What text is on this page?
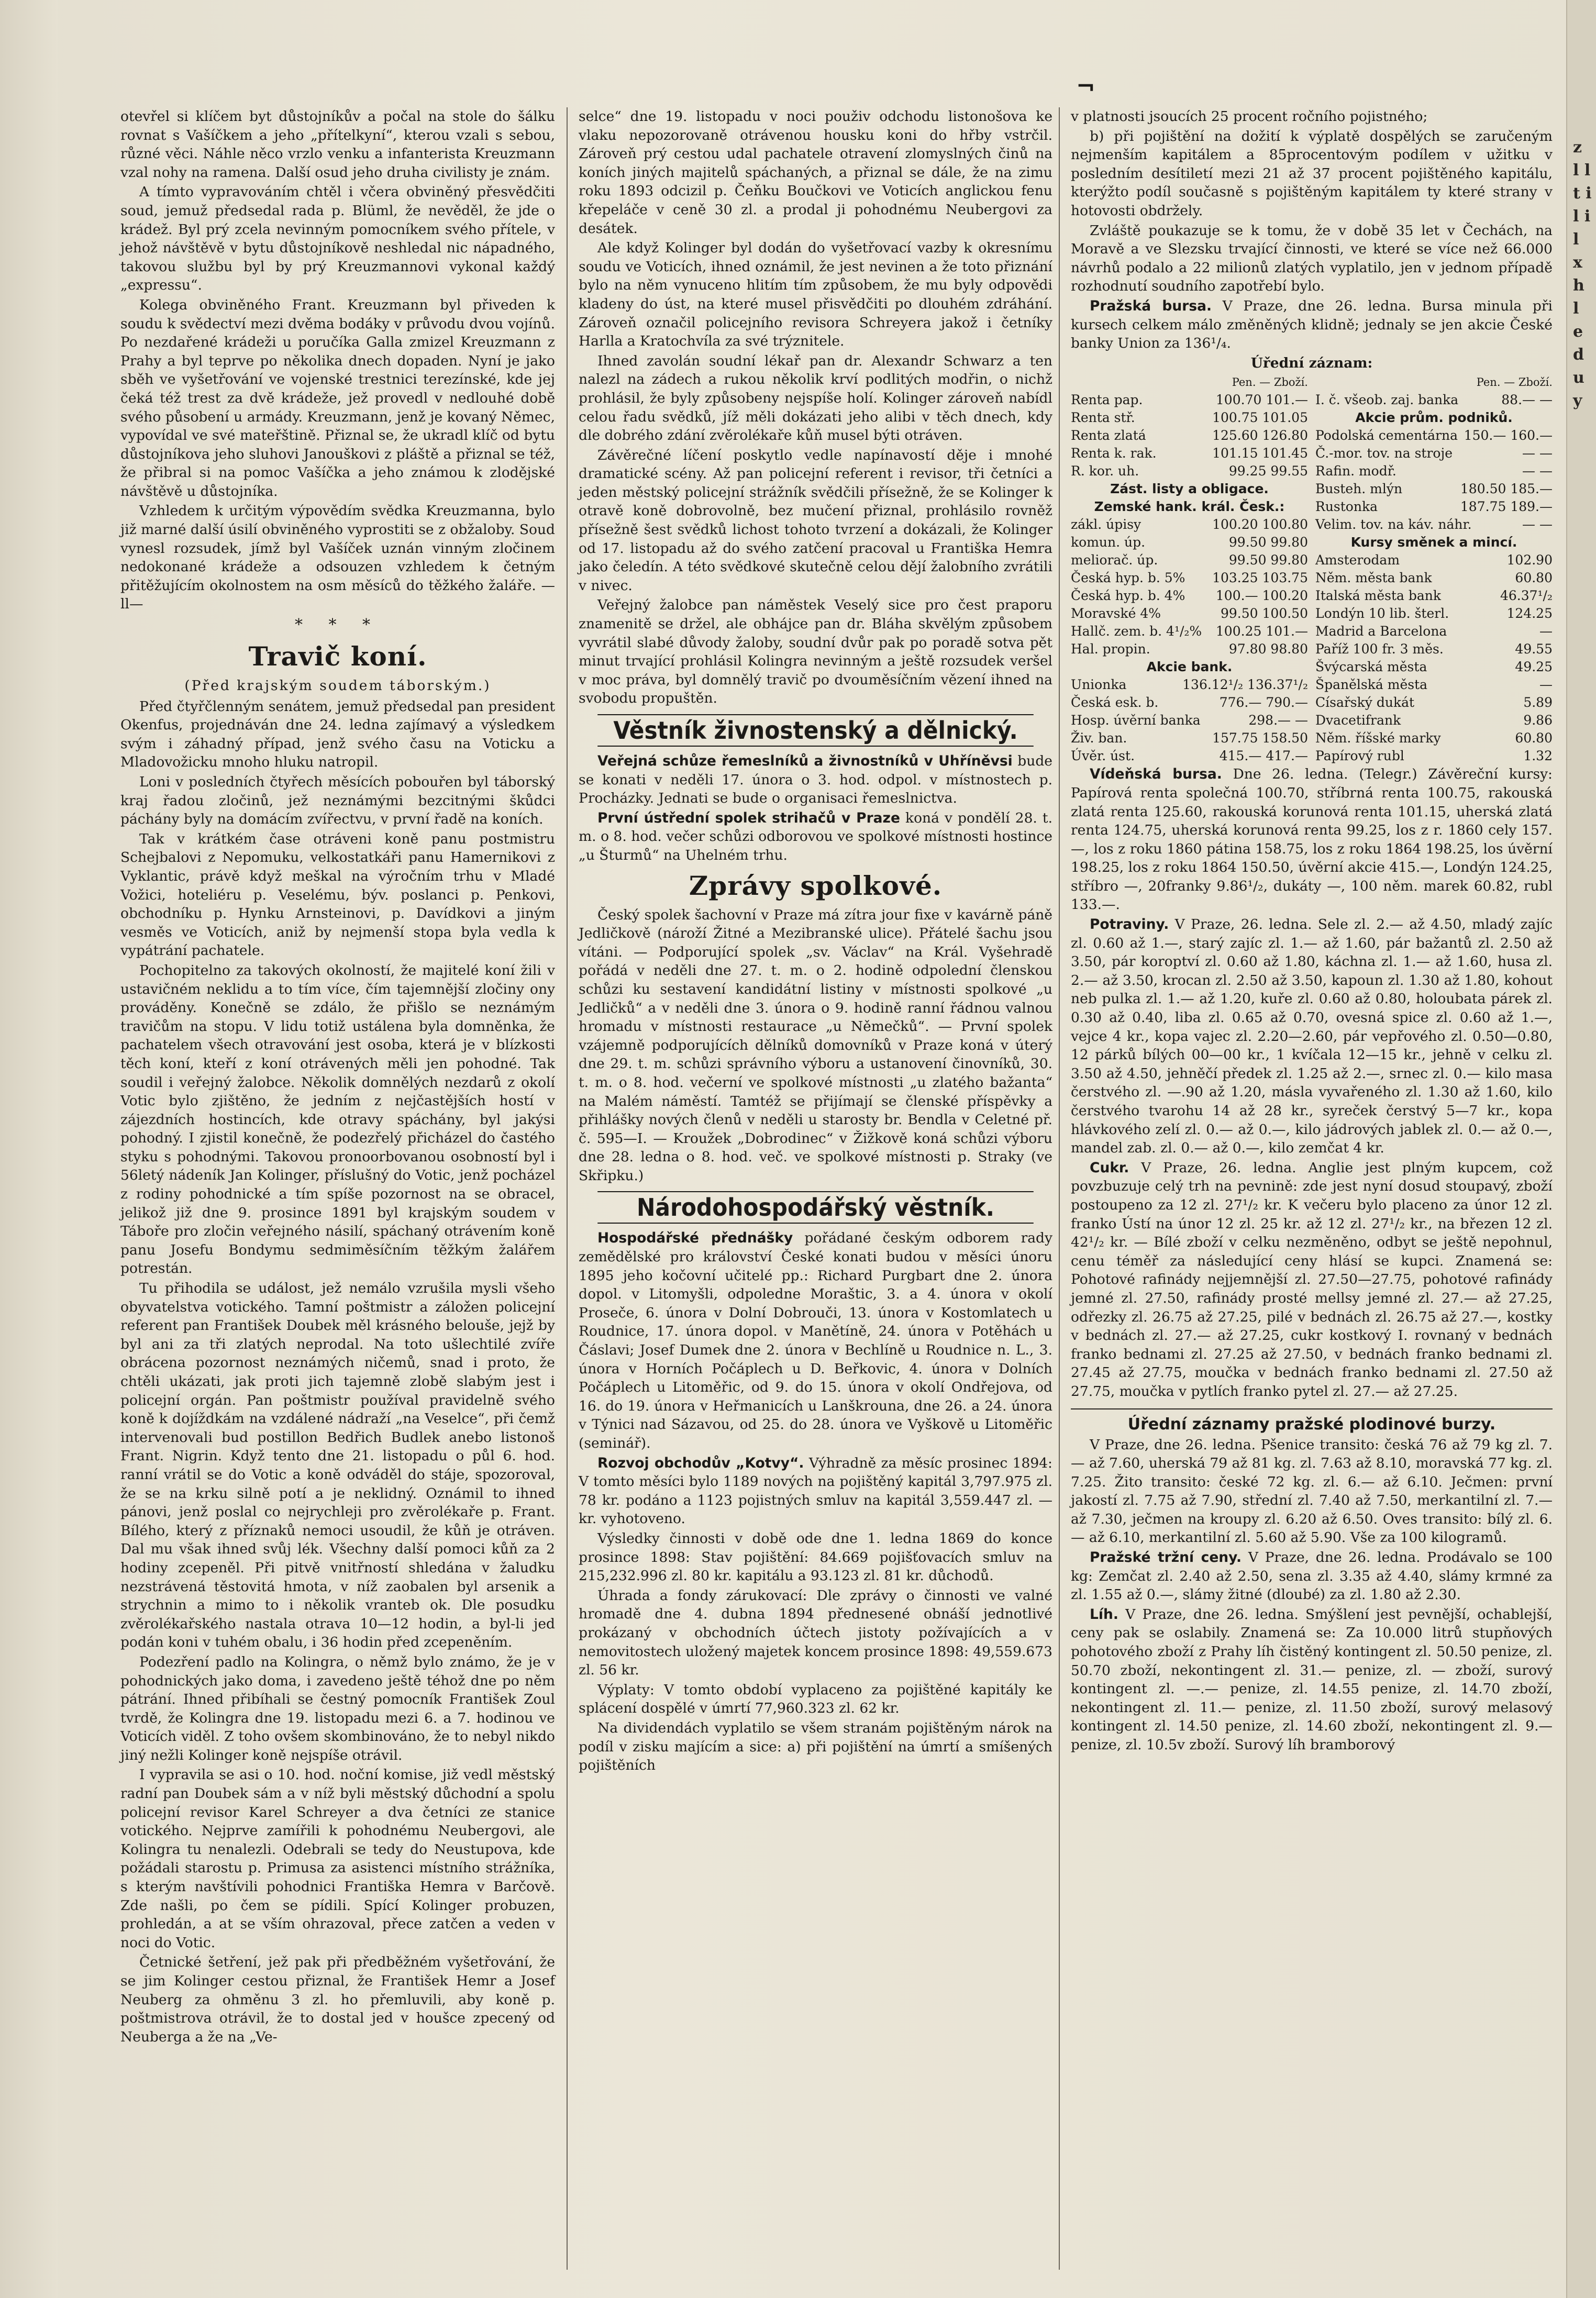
z l l t i l i l x h l e d u y
¬

otevřel si klíčem byt důstojníkův a počal na stole do šálku rovnat s Vašíčkem a jeho „přítelkyní“, kterou vzali s sebou, různé věci. Náhle něco vrzlo venku a infanterista Kreuzmann vzal nohy na ramena. Další osud jeho druha civilisty je znám.

A tímto vypravováním chtěl i včera obviněný přesvědčiti soud, jemuž předsedal rada p. Blüml, že nevěděl, že jde o krádež. Byl prý zcela nevinným pomocníkem svého přítele, v jehož návštěvě v bytu důstojníkově neshledal nic nápadného, takovou službu byl by prý Kreuzmannovi vykonal každý „expressu“.

Kolega obviněného Frant. Kreuzmann byl přiveden k soudu k svědectví mezi dvěma bodáky v průvodu dvou vojínů. Po nezdařené krádeži u poručíka Galla zmizel Kreuzmann z Prahy a byl teprve po několika dnech dopaden. Nyní je jako sběh ve vyšetřování ve vojenské trestnici terezínské, kde jej čeká též trest za dvě krádeže, jež provedl v nedlouhé době svého působení u armády. Kreuzmann, jenž je kovaný Němec, vypovídal ve své mateřštině. Přiznal se, že ukradl klíč od bytu důstojníkova jeho sluhovi Janouškovi z pláště a přiznal se též, že přibral si na pomoc Vašíčka a jeho známou k zlodějské návštěvě u důstojníka.

Vzhledem k určitým výpovědím svědka Kreuzmanna, bylo již marné další úsilí obviněného vyprostiti se z obžaloby. Soud vynesl rozsudek, jímž byl Vašíček uznán vinným zločinem nedokonané krádeže a odsouzen vzhledem k četným přitěžujícím okolnostem na osm měsíců do těžkého žaláře. —ll—

* * *

Travič koní.

(Před krajským soudem táborským.)

Před čtyřčlenným senátem, jemuž předsedal pan president Okenfus, projednáván dne 24. ledna zajímavý a výsledkem svým i záhadný případ, jenž svého času na Voticku a Mladovožicku mnoho hluku natropil.

Loni v posledních čtyřech měsících pobouřen byl táborský kraj řadou zločinů, jež neznámými bezcitnými škůdci páchány byly na domácím zvířectvu, v první řadě na koních.

Tak v krátkém čase otráveni koně panu postmistru Schejbalovi z Nepomuku, velkostatkáři panu Hamernikovi z Vyklantic, právě když meškal na výročním trhu v Mladé Vožici, hoteliéru p. Veselému, býv. poslanci p. Penkovi, obchodníku p. Hynku Arnsteinovi, p. Davídkovi a jiným vesměs ve Voticích, aniž by nejmenší stopa byla vedla k vypátrání pachatele.

Pochopitelno za takových okolností, že majitelé koní žili v ustavičném neklidu a to tím více, čím tajemnější zločiny ony prováděny. Konečně se zdálo, že přišlo se neznámým travičům na stopu. V lidu totiž ustálena byla domněnka, že pachatelem všech otravování jest osoba, která je v blízkosti těch koní, kteří z koní otrávených měli jen pohodné. Tak soudil i veřejný žalobce. Několik domnělých nezdarů z okolí Votic bylo zjištěno, že jedním z nejčastějších hostí v zájezdních hostincích, kde otravy spáchány, byl jakýsi pohodný. I zjistil konečně, že podezřelý přicházel do častého styku s pohodnými. Takovou pronoorbovanou osobností byl i 56letý nádeník Jan Kolinger, příslušný do Votic, jenž pocházel z rodiny pohodnické a tím spíše pozornost na se obracel, jelikož již dne 9. prosince 1891 byl krajským soudem v Táboře pro zločin veřejného násilí, spáchaný otrávením koně panu Josefu Bondymu sedmiměsíčním těžkým žalářem potrestán.

Tu přihodila se událost, jež nemálo vzrušila mysli všeho obyvatelstva votického. Tamní poštmistr a záložen policejní referent pan František Doubek měl krásného belouše, jejž by byl ani za tři zlatých neprodal. Na toto ušlechtilé zvíře obrácena pozornost neznámých ničemů, snad i proto, že chtěli ukázati, jak proti jich tajemně zlobě slabým jest i policejní orgán. Pan poštmistr používal pravidelně svého koně k dojíždkám na vzdálené nádraží „na Veselce“, při čemž intervenovali bud postillon Bedřich Budlek anebo listonoš Frant. Nigrin. Když tento dne 21. listopadu o půl 6. hod. ranní vrátil se do Votic a koně odváděl do stáje, spozoroval, že se na krku silně potí a je neklidný. Oznámil to ihned pánovi, jenž poslal co nejrychleji pro zvěrolékaře p. Frant. Bílého, který z příznaků nemoci usoudil, že kůň je otráven. Dal mu však ihned svůj lék. Všechny další pomoci kůň za 2 hodiny zcepeněl. Při pitvě vnitřností shledána v žaludku nezstrávená těstovitá hmota, v níž zaobalen byl arsenik a strychnin a mimo to i několik vranteb ok. Dle posudku zvěrolékařského nastala otrava 10—12 hodin, a byl-li jed podán koni v tuhém obalu, i 36 hodin před zcepeněním.

Podezření padlo na Kolingra, o němž bylo známo, že je v pohodnických jako doma, i zavedeno ještě téhož dne po něm pátrání. Ihned přibíhali se čestný pomocník František Zoul tvrdě, že Kolingra dne 19. listopadu mezi 6. a 7. hodinou ve Voticích viděl. Z toho ovšem skombinováno, že to nebyl nikdo jiný nežli Kolinger koně nejspíše otrávil.

I vypravila se asi o 10. hod. noční komise, již vedl městský radní pan Doubek sám a v níž byli městský důchodní a spolu policejní revisor Karel Schreyer a dva četníci ze stanice votického. Nejprve zamířili k pohodnému Neubergovi, ale Kolingra tu nenalezli. Odebrali se tedy do Neustupova, kde požádali starostu p. Primusa za asistenci místního strážníka, s kterým navštívili pohodnici Františka Hemra v Barčově. Zde našli, po čem se pídili. Spící Kolinger probuzen, prohledán, a at se vším ohrazoval, přece zatčen a veden v noci do Votic.

Četnické šetření, jež pak při předběžném vyšetřování, že se jim Kolinger cestou přiznal, že František Hemr a Josef Neuberg za ohměnu 3 zl. ho přemluvili, aby koně p. poštmistrova otrávil, že to dostal jed v houšce zpecený od Neuberga a že na „Ve-

selce“ dne 19. listopadu v noci použiv odchodu listonošova ke vlaku nepozorovaně otrávenou housku koni do hřby vstrčil. Zároveň prý cestou udal pachatele otravení zlomyslných činů na koních jiných majitelů spáchaných, a přiznal se dále, že na zimu roku 1893 odcizil p. Čeňku Boučkovi ve Voticích anglickou fenu křepeláče v ceně 30 zl. a prodal ji pohodnému Neubergovi za desátek.

Ale když Kolinger byl dodán do vyšetřovací vazby k okresnímu soudu ve Voticích, ihned oznámil, že jest nevinen a že toto přiznání bylo na něm vynuceno hlitím tím způsobem, že mu byly odpovědi kladeny do úst, na které musel přisvědčiti po dlouhém zdráhání. Zároveň označil policejního revisora Schreyera jakož i četníky Harlla a Kratochvíla za své trýznitele.

Ihned zavolán soudní lékař pan dr. Alexandr Schwarz a ten nalezl na zádech a rukou několik krví podlitých modřin, o nichž prohlásil, že byly způsobeny nejspíše holí. Kolinger zároveň nabídl celou řadu svědků, jíž měli dokázati jeho alibi v těch dnech, kdy dle dobrého zdání zvěrolékaře kůň musel býti otráven.

Závěrečné líčení poskytlo vedle napínavostí děje i mnohé dramatické scény. Až pan policejní referent i revisor, tři četníci a jeden městský policejní strážník svědčili přísežně, že se Kolinger k otravě koně dobrovolně, bez mučení přiznal, prohlásilo rovněž přísežně šest svědků lichost tohoto tvrzení a dokázali, že Kolinger od 17. listopadu až do svého zatčení pracoval u Františka Hemra jako čeledín. A této svědkové skutečně celou dějí žalobního zvrátili v nivec.

Veřejný žalobce pan náměstek Veselý sice pro čest praporu znamenitě se držel, ale obhájce pan dr. Bláha skvělým způsobem vyvrátil slabé důvody žaloby, soudní dvůr pak po poradě sotva pět minut trvající prohlásil Kolingra nevinným a ještě rozsudek veršel v moc práva, byl domnělý travič po dvouměsíčním vězení ihned na svobodu propuštěn.

Věstník živnostenský a dělnický.

Veřejná schůze řemeslníků a živnostníků v Uhříněvsi bude se konati v neděli 17. února o 3. hod. odpol. v místnostech p. Procházky. Jednati se bude o organisaci řemeslnictva.

První ústřední spolek strihačů v Praze koná v pondělí 28. t. m. o 8. hod. večer schůzi odborovou ve spolkové místnosti hostince „u Šturmů“ na Uhelném trhu.

Zprávy spolkové.

Český spolek šachovní v Praze má zítra jour fixe v kavárně páně Jedličkově (nároží Žitné a Mezibranské ulice). Přátelé šachu jsou vítáni. — Podporující spolek „sv. Václav“ na Král. Vyšehradě pořádá v neděli dne 27. t. m. o 2. hodině odpolední členskou schůzi ku sestavení kandidátní listiny v místnosti spolkové „u Jedličků“ a v neděli dne 3. února o 9. hodině ranní řádnou valnou hromadu v místnosti restaurace „u Němečků“. — První spolek vzájemně podporujících dělníků domovníků v Praze koná v úterý dne 29. t. m. schůzi správního výboru a ustanovení činovníků, 30. t. m. o 8. hod. večerní ve spolkové místnosti „u zlatého bažanta“ na Malém náměstí. Tamtéž se přijímají se členské příspěvky a přihlášky nových členů v neděli u starosty br. Bendla v Celetné př. č. 595—I. — Kroužek „Dobrodinec“ v Žižkově koná schůzi výboru dne 28. ledna o 8. hod. več. ve spolkové místnosti p. Straky (ve Skřipku.)

Národohospodářský věstník.

Hospodářské přednášky pořádané českým odborem rady zemědělské pro království České konati budou v měsíci únoru 1895 jeho kočovní učitelé pp.: Richard Purgbart dne 2. února dopol. v Litomyšli, odpoledne Moraštic, 3. a 4. února v okolí Proseče, 6. února v Dolní Dobrouči, 13. února v Kostomlatech u Roudnice, 17. února dopol. v Manětíně, 24. února v Potěhách u Čáslavi; Josef Dumek dne 2. února v Bechlíně u Roudnice n. L., 3. února v Horních Počáplech u D. Beřkovic, 4. února v Dolních Počáplech u Litoměřic, od 9. do 15. února v okolí Ondřejova, od 16. do 19. února v Heřmanicích u Lanškrouna, dne 26. a 24. února v Týnici nad Sázavou, od 25. do 28. února ve Vyškově u Litoměřic (seminář).

Rozvoj obchodův „Kotvy“. Výhradně za měsíc prosinec 1894: V tomto měsíci bylo 1189 nových na pojištěný kapitál 3,797.975 zl. 78 kr. podáno a 1123 pojistných smluv na kapitál 3,559.447 zl. — kr. vyhotoveno.

Výsledky činnosti v době ode dne 1. ledna 1869 do konce prosince 1898: Stav pojištění: 84.669 pojišťovacích smluv na 215,232.996 zl. 80 kr. kapitálu a 93.123 zl. 81 kr. důchodů.

Úhrada a fondy zárukovací: Dle zprávy o činnosti ve valné hromadě dne 4. dubna 1894 přednesené obnáší jednotlivé prokázaný v obchodních účtech jistoty požívajících a v nemovitostech uložený majetek koncem prosince 1898: 49,559.673 zl. 56 kr.

Výplaty: V tomto období vyplaceno za pojištěné kapitály ke splácení dospělé v úmrtí 77,960.323 zl. 62 kr.

Na dividendách vyplatilo se všem stranám pojištěným nárok na podíl v zisku majícím a sice: a) při pojištění na úmrtí a smíšených pojištěních

v platnosti jsoucích 25 procent ročního pojistného;

b) při pojištění na dožití k výplatě dospělých se zaručeným nejmenším kapitálem a 85procentovým podílem v užitku v posledním desítiletí mezi 21 až 37 procent pojištěného kapitálu, kterýžto podíl současně s pojištěným kapitálem ty které strany v hotovosti obdržely.

Zvláště poukazuje se k tomu, že v době 35 let v Čechách, na Moravě a ve Slezsku trvající činnosti, ve které se více než 66.000 návrhů podalo a 22 milionů zlatých vyplatilo, jen v jednom případě rozhodnutí soudního zapotřebí bylo.

Pražská bursa. V Praze, dne 26. ledna. Bursa minula při kursech celkem málo změněných klidně; jednaly se jen akcie České banky Union za 136¹/₄.

Úřední záznam:

Pen. — Zboží.
Renta pap.	100.70 101.—
Renta stř.	100.75 101.05
Renta zlatá	125.60 126.80
Renta k. rak.	101.15 101.45
R. kor. uh.	99.25 99.55
Zást. listy a obligace.
Zemské hank. král. Česk.:
zákl. úpisy	100.20 100.80
komun. úp.	99.50 99.80
meliorač. úp.	99.50 99.80
Česká hyp. b. 5% 103.25 103.75
Česká hyp. b. 4% 100.— 100.20
Moravské 4%	99.50 100.50
Hallč. zem. b. 4¹/₂% 100.25 101.—
Hal. propin.	97.80 98.80
Akcie bank.
Unionka	136.12¹/₂ 136.37¹/₂
Česká esk. b.	776.— 790.—
Hosp. úvěrní banka	298.— —
Živ. ban.	157.75 158.50
Úvěr. úst.	415.— 417.—
Pen. — Zboží.
I. č. všeob. zaj. banka	88.— —
Akcie prům. podniků.
Podolská cementárna 150.— 160.—
Č.-mor. tov. na stroje	— —
Rafin. modř.	— —
Busteh. mlýn	180.50 185.—
Rustonka	187.75 189.—
Velim. tov. na káv. náhr.	— —
Kursy směnek a mincí.
Amsterodam	102.90
Něm. města bank	60.80
Italská města bank	46.37¹/₂
Londýn 10 lib. šterl.	124.25
Madrid a Barcelona	—
Paříž 100 fr. 3 měs.	49.55
Švýcarská města	49.25
Španělská města	—
Císařský dukát	5.89
Dvacetifrank	9.86
Něm. říšské marky	60.80
Papírový rubl	1.32

Vídeňská bursa. Dne 26. ledna. (Telegr.) Závěreční kursy: Papírová renta společná 100.70, stříbrná renta 100.75, rakouská zlatá renta 125.60, rakouská korunová renta 101.15, uherská zlatá renta 124.75, uherská korunová renta 99.25, los z r. 1860 cely 157.—, los z roku 1860 pátina 158.75, los z roku 1864 198.25, los úvěrní 198.25, los z roku 1864 150.50, úvěrní akcie 415.—, Londýn 124.25, stříbro —, 20franky 9.86¹/₂, dukáty —, 100 něm. marek 60.82, rubl 133.—.

Potraviny. V Praze, 26. ledna. Sele zl. 2.— až 4.50, mladý zajíc zl. 0.60 až 1.—, starý zajíc zl. 1.— až 1.60, pár bažantů zl. 2.50 až 3.50, pár koroptví zl. 0.60 až 1.80, káchna zl. 1.— až 1.60, husa zl. 2.— až 3.50, krocan zl. 2.50 až 3.50, kapoun zl. 1.30 až 1.80, kohout neb pulka zl. 1.— až 1.20, kuře zl. 0.60 až 0.80, holoubata párek zl. 0.30 až 0.40, liba zl. 0.65 až 0.70, ovesná spice zl. 0.60 až 1.—, vejce 4 kr., kopa vajec zl. 2.20—2.60, pár vepřového zl. 0.50—0.80, 12 párků bílých 00—00 kr., 1 kvíčala 12—15 kr., jehně v celku zl. 3.50 až 4.50, jehněčí předek zl. 1.25 až 2.—, srnec zl. 0.— kilo masa čerstvého zl. —.90 až 1.20, másla vyvařeného zl. 1.30 až 1.60, kilo čerstvého tvarohu 14 až 28 kr., syreček čerstvý 5—7 kr., kopa hlávkového zelí zl. 0.— až 0.—, kilo jádrových jablek zl. 0.— až 0.—, mandel zab. zl. 0.— až 0.—, kilo zemčat 4 kr.

Cukr. V Praze, 26. ledna. Anglie jest plným kupcem, což povzbuzuje celý trh na pevnině: zde jest nyní dosud stoupavý, zboží postoupeno za 12 zl. 27¹/₂ kr. K večeru bylo placeno za únor 12 zl. franko Ústí na únor 12 zl. 25 kr. až 12 zl. 27¹/₂ kr., na březen 12 zl. 42¹/₂ kr. — Bílé zboží v celku nezměněno, odbyt se ještě nepohnul, cenu téměř za následující ceny hlásí se kupci. Znamená se: Pohotové rafinády nejjemnější zl. 27.50—27.75, pohotové rafinády jemné zl. 27.50, rafinády prosté mellsy jemné zl. 27.— až 27.25, odřezky zl. 26.75 až 27.25, pilé v bednách zl. 26.75 až 27.—, kostky v bednách zl. 27.— až 27.25, cukr kostkový I. rovnaný v bednách franko bednami zl. 27.25 až 27.50, v bednách franko bednami zl. 27.45 až 27.75, moučka v bednách franko bednami zl. 27.50 až 27.75, moučka v pytlích franko pytel zl. 27.— až 27.25.

Úřední záznamy pražské plodinové burzy.

V Praze, dne 26. ledna. Pšenice transito: česká 76 až 79 kg zl. 7.— až 7.60, uherská 79 až 81 kg. zl. 7.63 až 8.10, moravská 77 kg. zl. 7.25. Žito transito: české 72 kg. zl. 6.— až 6.10. Ječmen: první jakostí zl. 7.75 až 7.90, střední zl. 7.40 až 7.50, merkantilní zl. 7.— až 7.30, ječmen na kroupy zl. 6.20 až 6.50. Oves transito: bílý zl. 6.— až 6.10, merkantilní zl. 5.60 až 5.90. Vše za 100 kilogramů.

Pražské tržní ceny. V Praze, dne 26. ledna. Prodávalo se 100 kg: Zemčat zl. 2.40 až 2.50, sena zl. 3.35 až 4.40, slámy krmné za zl. 1.55 až 0.—, slámy žitné (dloubé) za zl. 1.80 až 2.30.

Líh. V Praze, dne 26. ledna. Smýšlení jest pevnější, ochablejší, ceny pak se oslabily. Znamená se: Za 10.000 litrů stupňových pohotového zboží z Prahy líh čistěný kontingent zl. 50.50 penize, zl. 50.70 zboží, nekontingent zl. 31.— penize, zl. — zboží, surový kontingent zl. —.— penize, zl. 14.55 penize, zl. 14.70 zboží, nekontingent zl. 11.— penize, zl. 11.50 zboží, surový melasový kontingent zl. 14.50 penize, zl. 14.60 zboží, nekontingent zl. 9.— penize, zl. 10.5v zboží. Surový líh bramborový
